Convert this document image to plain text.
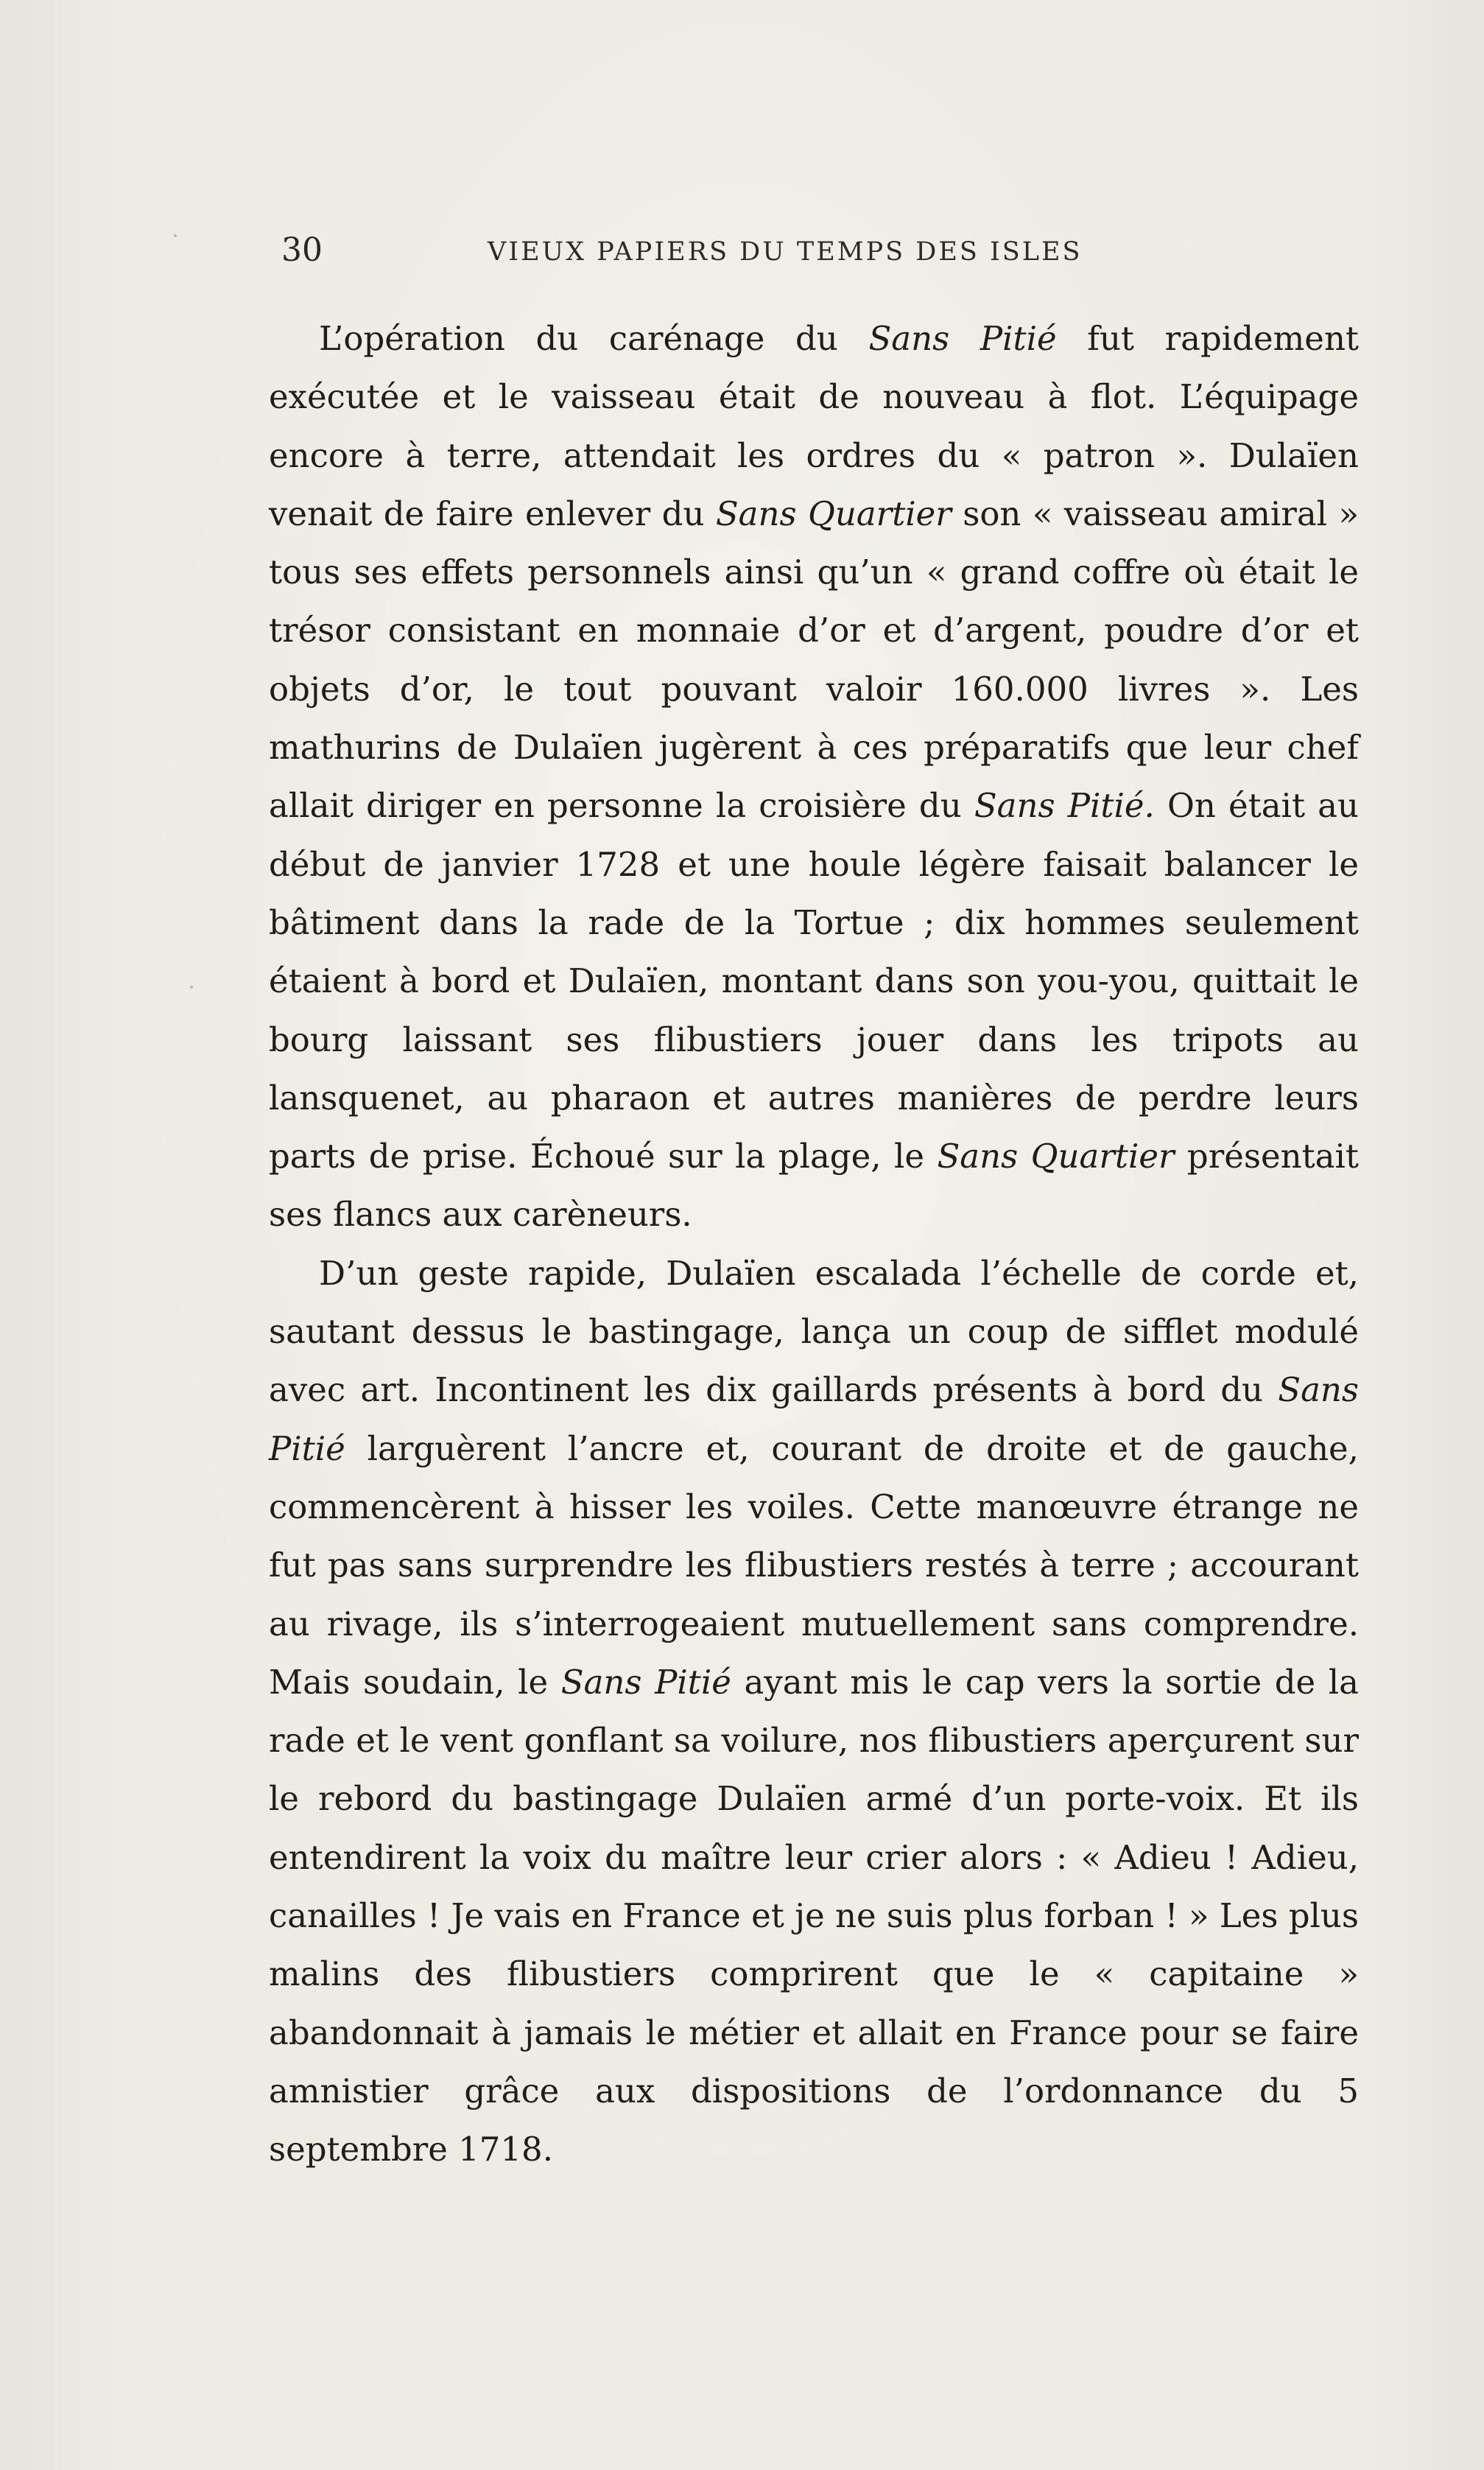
30	VIEUX PAPIERS DU TEMPS DES ISLES

L’opération du carénage du Sans Pitié fut rapidement exécutée et le vaisseau était de nouveau à flot. L’équipage encore à terre, attendait les ordres du « patron ». Dulaïen venait de faire enlever du Sans Quartier son « vaisseau amiral » tous ses effets personnels ainsi qu’un « grand coffre où était le trésor consistant en monnaie d’or et d’argent, poudre d’or et objets d’or, le tout pouvant valoir 160.000 livres ». Les mathurins de Dulaïen jugèrent à ces préparatifs que leur chef allait diriger en personne la croisière du Sans Pitié. On était au début de janvier 1728 et une houle légère faisait balancer le bâtiment dans la rade de la Tortue ; dix hommes seulement étaient à bord et Dulaïen, montant dans son you-you, quittait le bourg laissant ses flibustiers jouer dans les tripots au lansquenet, au pharaon et autres manières de perdre leurs parts de prise. Échoué sur la plage, le Sans Quartier présentait ses flancs aux carèneurs.

D’un geste rapide, Dulaïen escalada l’échelle de corde et, sautant dessus le bastingage, lança un coup de sifflet modulé avec art. Incontinent les dix gaillards présents à bord du Sans Pitié larguèrent l’ancre et, courant de droite et de gauche, commencèrent à hisser les voiles. Cette manœuvre étrange ne fut pas sans surprendre les flibustiers restés à terre ; accourant au rivage, ils s’interrogeaient mutuellement sans comprendre. Mais soudain, le Sans Pitié ayant mis le cap vers la sortie de la rade et le vent gonflant sa voilure, nos flibustiers aperçurent sur le rebord du bastingage Dulaïen armé d’un porte-voix. Et ils entendirent la voix du maître leur crier alors : « Adieu ! Adieu, canailles ! Je vais en France et je ne suis plus forban ! » Les plus malins des flibustiers comprirent que le « capitaine » abandonnait à jamais le métier et allait en France pour se faire amnistier grâce aux dispositions de l’ordonnance du 5 septembre 1718.
